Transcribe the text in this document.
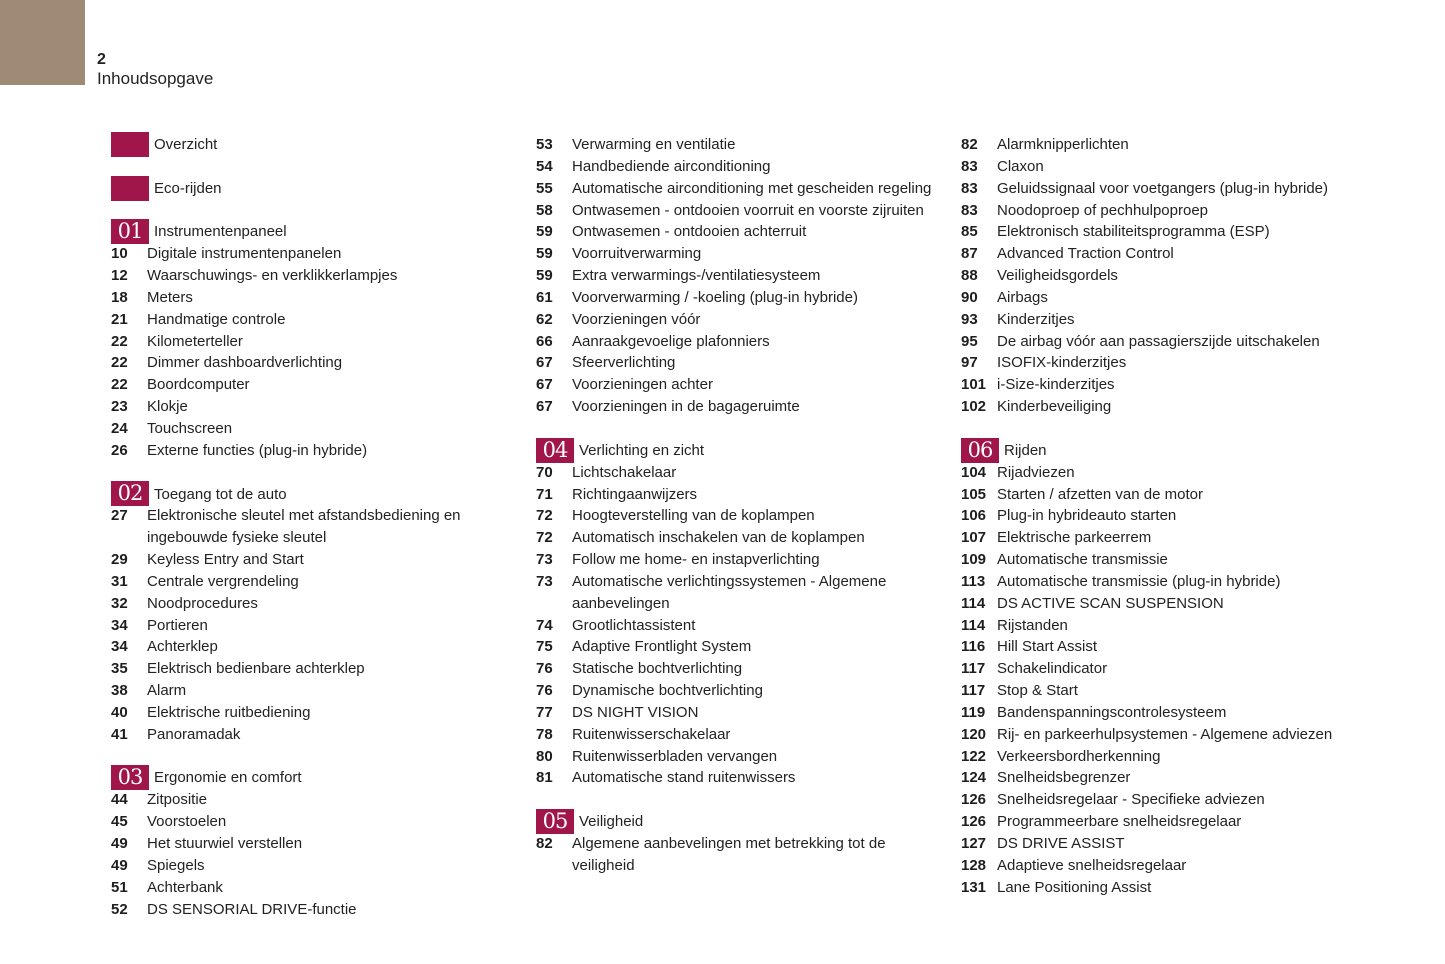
2
Inhoudsopgave
Overzicht
Eco-rijden
01 Instrumentenpaneel
10	Digitale instrumentenpanelen
12	Waarschuwings- en verklikkerlampjes
18	Meters
21	Handmatige controle
22	Kilometerteller
22	Dimmer dashboardverlichting
22	Boordcomputer
23	Klokje
24	Touchscreen
26	Externe functies (plug-in hybride)
02 Toegang tot de auto
27	Elektronische sleutel met afstandsbediening en ingebouwde fysieke sleutel
29	Keyless Entry and Start
31	Centrale vergrendeling
32	Noodprocedures
34	Portieren
34	Achterklep
35	Elektrisch bedienbare achterklep
38	Alarm
40	Elektrische ruitbediening
41	Panoramadak
03 Ergonomie en comfort
44	Zitpositie
45	Voorstoelen
49	Het stuurwiel verstellen
49	Spiegels
51	Achterbank
52	DS SENSORIAL DRIVE-functie
53	Verwarming en ventilatie
54	Handbediende airconditioning
55	Automatische airconditioning met gescheiden regeling
58	Ontwasemen - ontdooien voorruit en voorste zijruiten
59	Ontwasemen - ontdooien achterruit
59	Voorruitverwarming
59	Extra verwarmings-/ventilatiesysteem
61	Voorverwarming / -koeling (plug-in hybride)
62	Voorzieningen vóór
66	Aanraakgevoelige plafonniers
67	Sfeerverlichting
67	Voorzieningen achter
67	Voorzieningen in de bagageruimte
04 Verlichting en zicht
70	Lichtschakelaar
71	Richtingaanwijzers
72	Hoogteverstelling van de koplampen
72	Automatisch inschakelen van de koplampen
73	Follow me home- en instapverlichting
73	Automatische verlichtingssystemen - Algemene aanbevelingen
74	Grootlichtassistent
75	Adaptive Frontlight System
76	Statische bochtverlichting
76	Dynamische bochtverlichting
77	DS NIGHT VISION
78	Ruitenwisserschakelaar
80	Ruitenwisserbladen vervangen
81	Automatische stand ruitenwissers
05 Veiligheid
82	Algemene aanbevelingen met betrekking tot de veiligheid
82	Alarmknipperlichten
83	Claxon
83	Geluidssignaal voor voetgangers (plug-in hybride)
83	Noodoproep of pechhulpoproep
85	Elektronisch stabiliteitsprogramma (ESP)
87	Advanced Traction Control
88	Veiligheidsgordels
90	Airbags
93	Kinderzitjes
95	De airbag vóór aan passagierszijde uitschakelen
97	ISOFIX-kinderzitjes
101 i-Size-kinderzitjes
102 Kinderbeveiliging
06 Rijden
104 Rijadviezen
105 Starten / afzetten van de motor
106 Plug-in hybrideauto starten
107 Elektrische parkeerrem
109 Automatische transmissie
113 Automatische transmissie (plug-in hybride)
114 DS ACTIVE SCAN SUSPENSION
114 Rijstanden
116 Hill Start Assist
117 Schakelindicator
117 Stop & Start
119 Bandenspanningscontrolesysteem
120 Rij- en parkeerhulpsystemen - Algemene adviezen
122 Verkeersbordherkenning
124 Snelheidsbegrenzer
126 Snelheidsregelaar - Specifieke adviezen
126 Programmeerbare snelheidsregelaar
127 DS DRIVE ASSIST
128 Adaptieve snelheidsregelaar
131 Lane Positioning Assist
